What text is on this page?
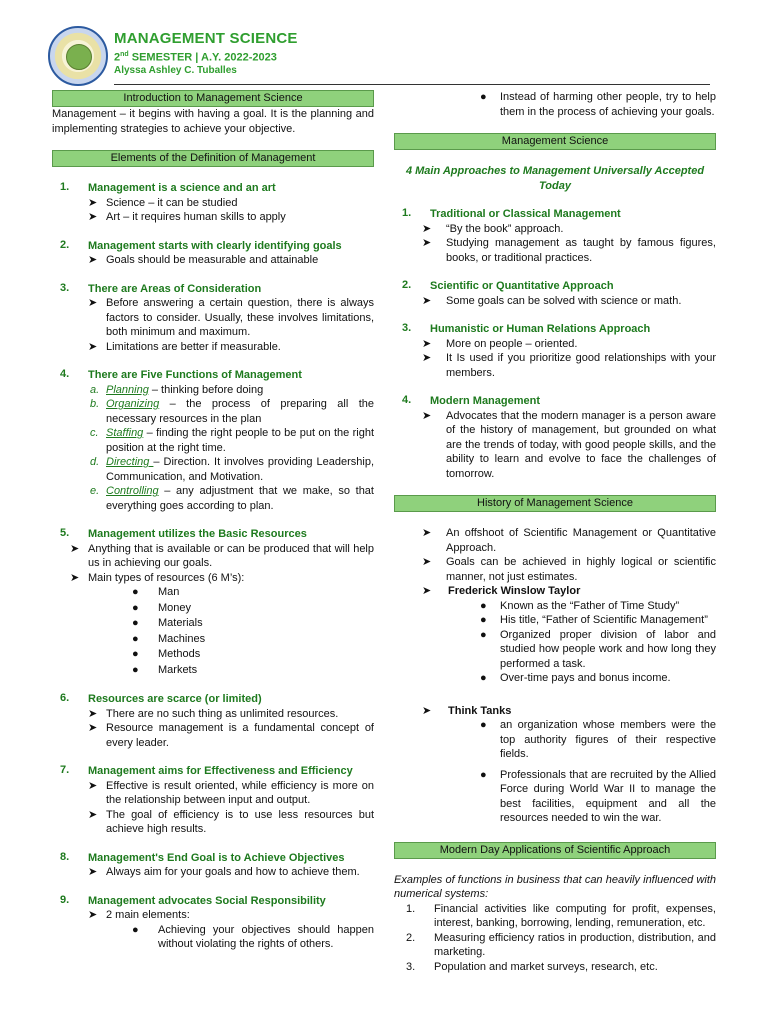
MANAGEMENT SCIENCE
2nd SEMESTER | A.Y. 2022-2023
Alyssa Ashley C. Tuballes
Introduction to Management Science

Management – it begins with having a goal. It is the planning and implementing strategies to achieve your objective.

Elements of the Definition of Management
1.	Management is a science and an art
➤ Science – it can be studied
➤ Art – it requires human skills to apply
2.	Management starts with clearly identifying goals
➤ Goals should be measurable and attainable
3.	There are Areas of Consideration
➤ Before answering a certain question, there is always factors to consider. Usually, these involves limitations, both minimum and maximum.
➤ Limitations are better if measurable.
4.	There are Five Functions of Management
a. Planning – thinking before doing
b. Organizing – the process of preparing all the necessary resources in the plan
c. Staffing – finding the right people to be put on the right position at the right time.
d. Directing – Direction. It involves providing Leadership, Communication, and Motivation.
e. Controlling – any adjustment that we make, so that everything goes according to plan.
5.	Management utilizes the Basic Resources
➤ Anything that is available or can be produced that will help us in achieving our goals.
➤ Main types of resources (6 M’s):
● Man
● Money
● Materials
● Machines
● Methods
● Markets
6.	Resources are scarce (or limited)
➤ There are no such thing as unlimited resources.
➤ Resource management is a fundamental concept of every leader.
7.	Management aims for Effectiveness and Efficiency
➤ Effective is result oriented, while efficiency is more on the relationship between input and output.
➤ The goal of efficiency is to use less resources but achieve high results.
8.	Management's End Goal is to Achieve Objectives
➤ Always aim for your goals and how to achieve them.
9.	Management advocates Social Responsibility
➤ 2 main elements:
● Achieving your objectives should happen without violating the rights of others.
● Instead of harming other people, try to help them in the process of achieving your goals.
Management Science

4 Main Approaches to Management Universally Accepted Today

1.	Traditional or Classical Management
➤ “By the book” approach.
➤ Studying management as taught by famous figures, books, or traditional practices.
2.	Scientific or Quantitative Approach
➤ Some goals can be solved with science or math.
3.	Humanistic or Human Relations Approach
➤ More on people – oriented.
➤ It Is used if you prioritize good relationships with your members.
4.	Modern Management
➤ Advocates that the modern manager is a person aware of the history of management, but grounded on what are the trends of today, with good people skills, and the ability to learn and evolve to face the challenges of tomorrow.
History of Management Science
➤ An offshoot of Scientific Management or Quantitative Approach.
➤ Goals can be achieved in highly logical or scientific manner, not just estimates.
➤ Frederick Winslow Taylor
● Known as the “Father of Time Study”
● His title, “Father of Scientific Management”
● Organized proper division of labor and studied how people work and how long they performed a task.
● Over-time pays and bonus income.
➤ Think Tanks
● an organization whose members were the top authority figures of their respective fields.
● Professionals that are recruited by the Allied Force during World War II to manage the best facilities, equipment and all the resources needed to win the war.
Modern Day Applications of Scientific Approach

Examples of functions in business that can heavily influenced with numerical systems:

1. Financial activities like computing for profit, expenses, interest, banking, borrowing, lending, remuneration, etc.
2. Measuring efficiency ratios in production, distribution, and marketing.
3. Population and market surveys, research, etc.
